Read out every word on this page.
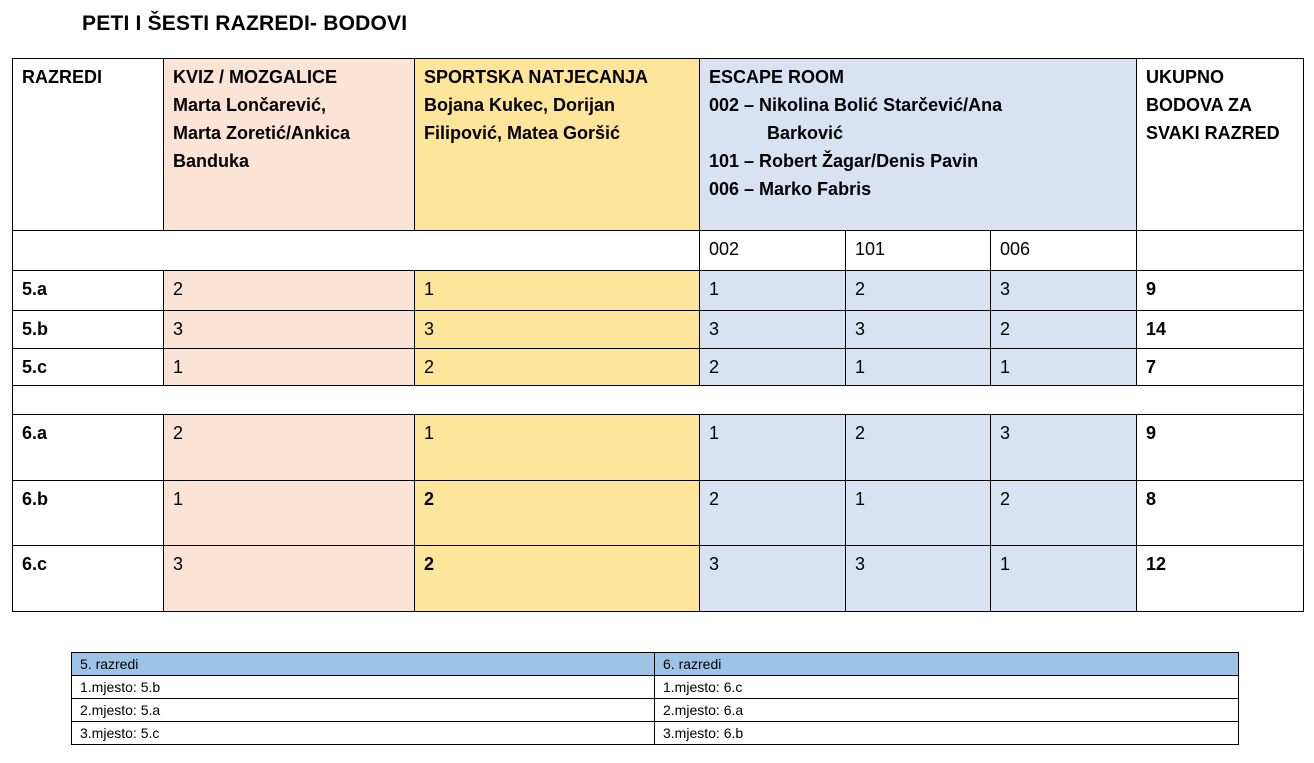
PETI I ŠESTI RAZREDI- BODOVI
RAZREDI	KVIZ / MOZGALICE
Marta Lončarević,
Marta Zoretić/Ankica
Banduka	SPORTSKA NATJECANJA
Bojana Kukec, Dorijan
Filipović, Matea Goršić	ESCAPE ROOM
002 – Nikolina Bolić Starčević/Ana
Barković
101 – Robert Žagar/Denis Pavin
006 – Marko Fabris			UKUPNO
BODOVA ZA
SVAKI RAZRED

			002	101	006	
5.a	2	1	1	2	3	9
5.b	3	3	3	3	2	14
5.c	1	2	2	1	1	7

6.a	2	1	1	2	3	9
6.b	1	2	2	1	2	8
6.c	3	2	3	3	1	12
5. razredi	6. razredi
1.mjesto: 5.b	1.mjesto: 6.c
2.mjesto: 5.a	2.mjesto: 6.a
3.mjesto: 5.c	3.mjesto: 6.b
